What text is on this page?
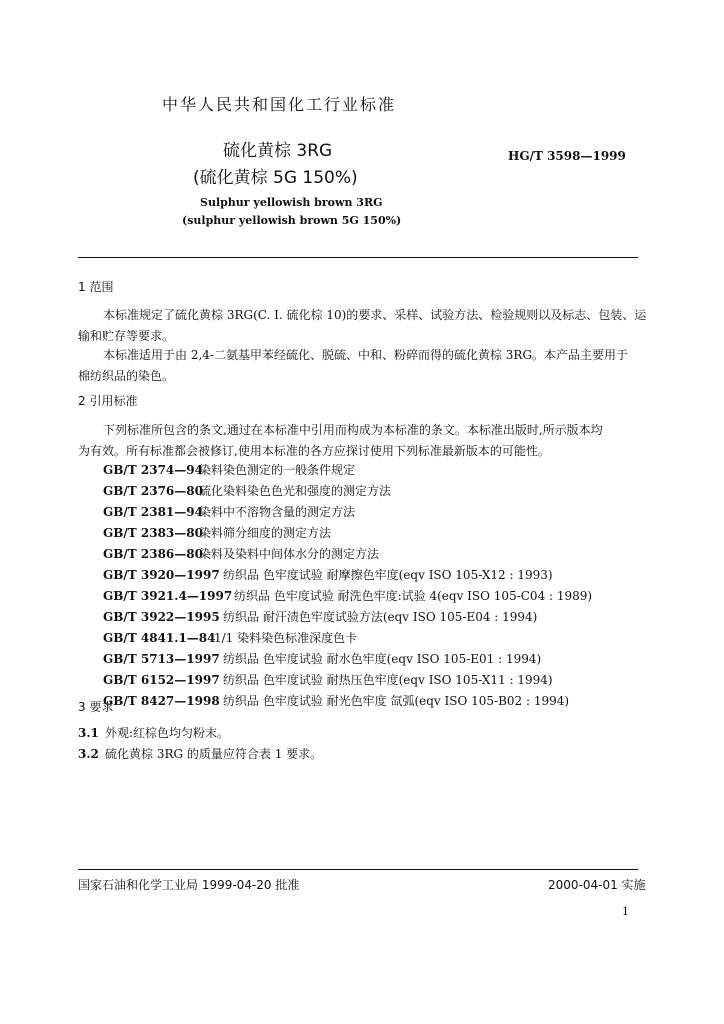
中华人民共和国化工行业标准
硫化黄棕 3RG
(硫化黄棕 5G 150%)
HG/T 3598—1999
Sulphur yellowish brown 3RG
(sulphur yellowish brown 5G 150%)
1 范围
本标准规定了硫化黄棕 3RG(C. I. 硫化棕 10)的要求、采样、试验方法、检验规则以及标志、包装、运
输和贮存等要求。
本标准适用于由 2,4-二氨基甲苯经硫化、脱硫、中和、粉碎而得的硫化黄棕 3RG。本产品主要用于
棉纺织品的染色。
2 引用标准
下列标准所包含的条文,通过在本标准中引用而构成为本标准的条文。本标准出版时,所示版本均
为有效。所有标准都会被修订,使用本标准的各方应探讨使用下列标准最新版本的可能性。
GB/T 2374—94染料染色测定的一般条件规定
GB/T 2376—80硫化染料染色色光和强度的测定方法
GB/T 2381—94染料中不溶物含量的测定方法
GB/T 2383—80染料筛分细度的测定方法
GB/T 2386—80染料及染料中间体水分的测定方法
GB/T 3920—1997 纺织品 色牢度试验 耐摩擦色牢度(eqv ISO 105-X12 : 1993)
GB/T 3921.4—1997 纺织品 色牢度试验 耐洗色牢度:试验 4(eqv ISO 105-C04 : 1989)
GB/T 3922—1995 纺织品 耐汗渍色牢度试验方法(eqv ISO 105-E04 : 1994)
GB/T 4841.1—841/1 染料染色标准深度色卡
GB/T 5713—1997 纺织品 色牢度试验 耐水色牢度(eqv ISO 105-E01 : 1994)
GB/T 6152—1997 纺织品 色牢度试验 耐热压色牢度(eqv ISO 105-X11 : 1994)
GB/T 8427—1998 纺织品 色牢度试验 耐光色牢度 氙弧(eqv ISO 105-B02 : 1994)
3 要求
3.1 外观:红棕色均匀粉末。
3.2 硫化黄棕 3RG 的质量应符合表 1 要求。
国家石油和化学工业局 1999-04-20 批准	2000-04-01 实施
1
